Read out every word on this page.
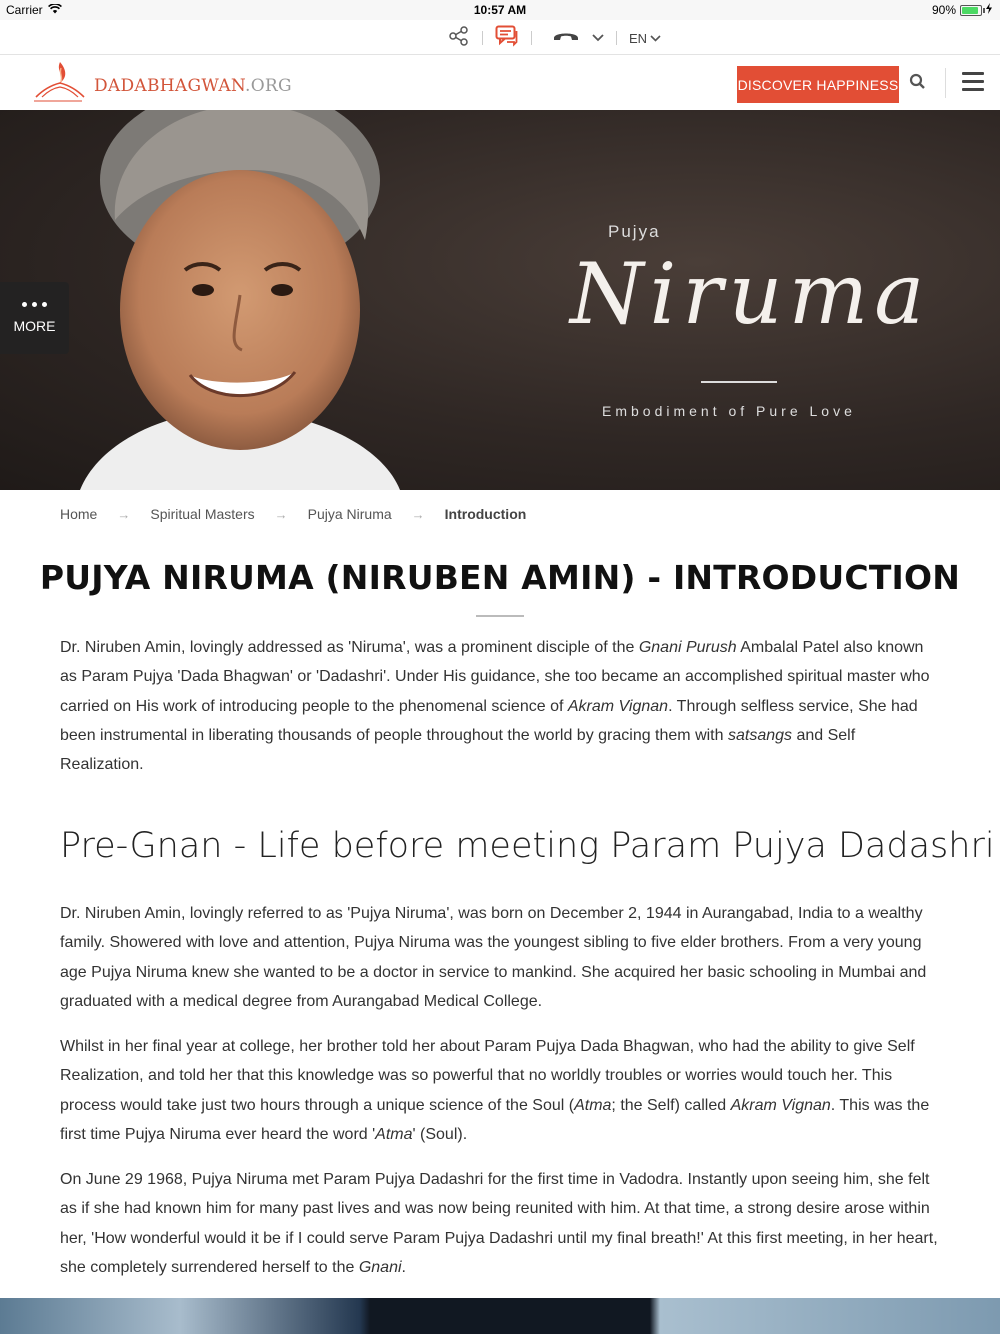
Carrier	10:57 AM	90%
EN
DADABHAGWAN.ORG	DISCOVER HAPPINESS
Pujya
Niruma
Embodiment of Pure Love
MORE
Home → Spiritual Masters → Pujya Niruma → Introduction
PUJYA NIRUMA (NIRUBEN AMIN) - INTRODUCTION

Dr. Niruben Amin, lovingly addressed as 'Niruma', was a prominent disciple of the Gnani Purush Ambalal Patel also known as Param Pujya 'Dada Bhagwan' or 'Dadashri'. Under His guidance, she too became an accomplished spiritual master who carried on His work of introducing people to the phenomenal science of Akram Vignan. Through selfless service, She had been instrumental in liberating thousands of people throughout the world by gracing them with satsangs and Self Realization.

Pre-Gnan - Life before meeting Param Pujya Dadashri

Dr. Niruben Amin, lovingly referred to as 'Pujya Niruma', was born on December 2, 1944 in Aurangabad, India to a wealthy family. Showered with love and attention, Pujya Niruma was the youngest sibling to five elder brothers. From a very young age Pujya Niruma knew she wanted to be a doctor in service to mankind. She acquired her basic schooling in Mumbai and graduated with a medical degree from Aurangabad Medical College.

Whilst in her final year at college, her brother told her about Param Pujya Dada Bhagwan, who had the ability to give Self Realization, and told her that this knowledge was so powerful that no worldly troubles or worries would touch her. This process would take just two hours through a unique science of the Soul (Atma; the Self) called Akram Vignan. This was the first time Pujya Niruma ever heard the word 'Atma' (Soul).

On June 29 1968, Pujya Niruma met Param Pujya Dadashri for the first time in Vadodra. Instantly upon seeing him, she felt as if she had known him for many past lives and was now being reunited with him. At that time, a strong desire arose within her, 'How wonderful would it be if I could serve Param Pujya Dadashri until my final breath!' At this first meeting, in her heart, she completely surrendered herself to the Gnani.
